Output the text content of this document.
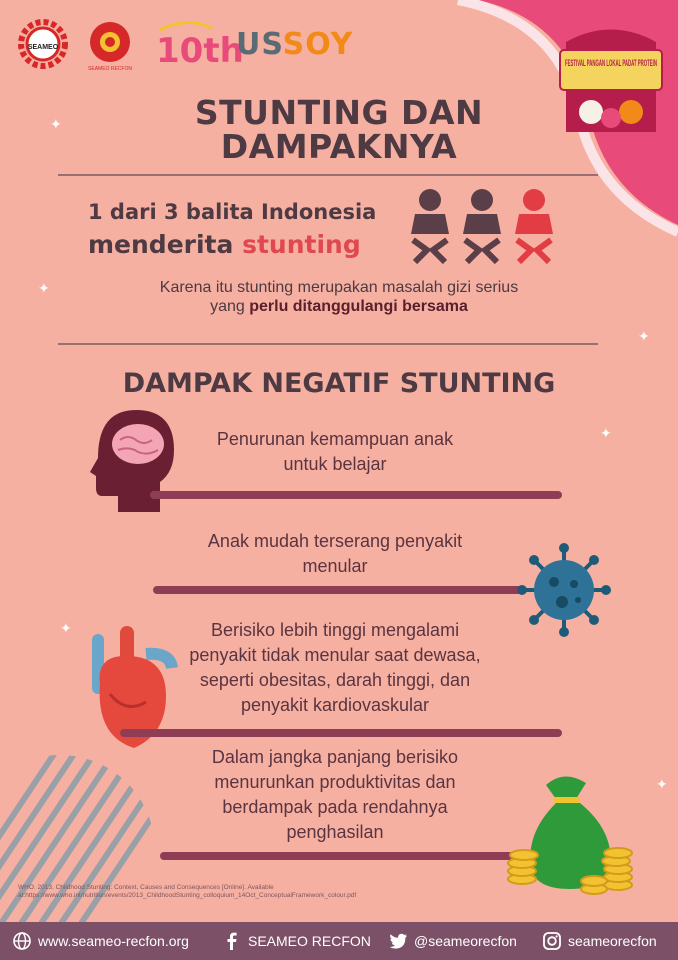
SEAMEO
SEAMEO RECFON 10th
USSOY
FESTIVAL PANGAN LOKAL PADAT PROTEIN
STUNTING DAN
DAMPAKNYA
1 dari 3 balita Indonesia
menderita stunting
Karena itu stunting merupakan masalah gizi serius
yang perlu ditanggulangi bersama
DAMPAK NEGATIF STUNTING
Penurunan kemampuan anak
untuk belajar
Anak mudah terserang penyakit
menular
Berisiko lebih tinggi mengalami
penyakit tidak menular saat dewasa,
seperti obesitas, darah tinggi, dan
penyakit kardiovaskular
Dalam jangka panjang berisiko
menurunkan produktivitas dan
berdampak pada rendahnya
penghasilan
WHO. 2013. Childhood Stunting: Context, Causes and Consequences [Online]. Available at:https://www.who.int/nutrition/events/2013_ChildhoodStunting_colloquium_14Oct_ConceptualFramework_colour.pdf
✦
✦
✦
✦
✦
✦
www.seameo-recfon.org	SEAMEO RECFON	@seameorecfon	seameorecfon
